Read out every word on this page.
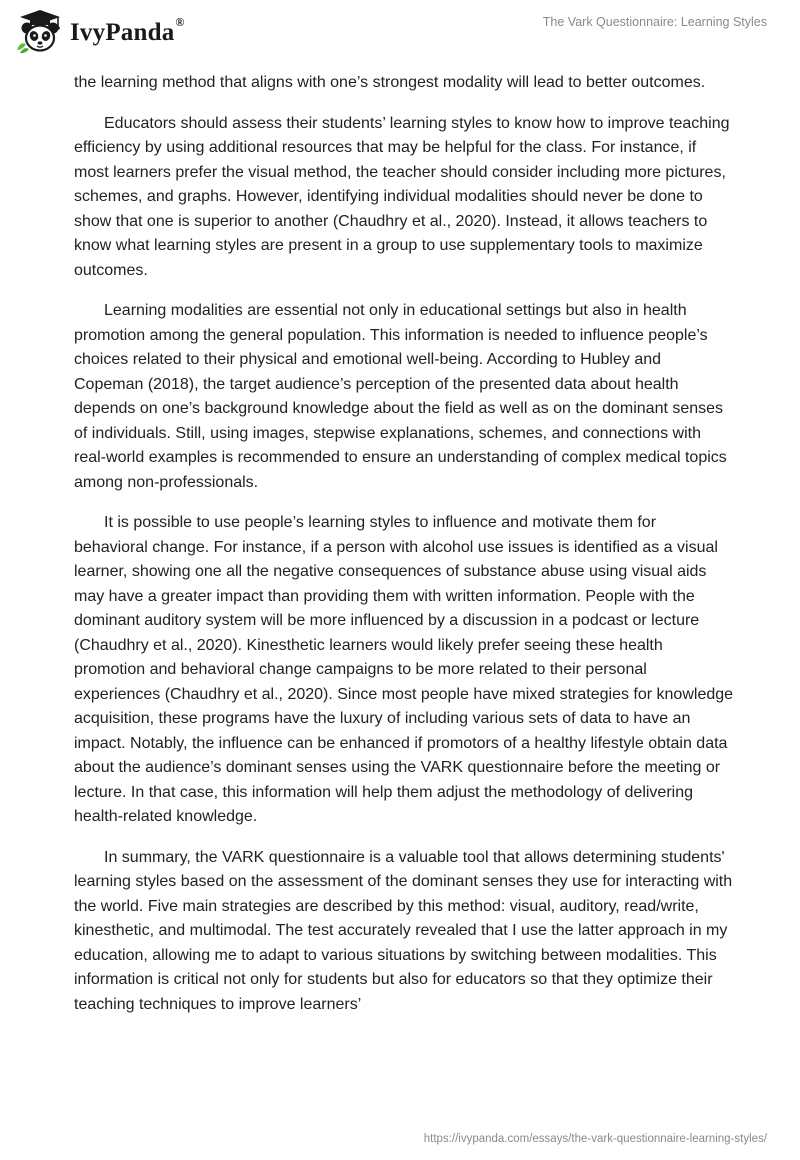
IvyPanda®	The Vark Questionnaire: Learning Styles

the learning method that aligns with one’s strongest modality will lead to better outcomes.

Educators should assess their students’ learning styles to know how to improve teaching efficiency by using additional resources that may be helpful for the class. For instance, if most learners prefer the visual method, the teacher should consider including more pictures, schemes, and graphs. However, identifying individual modalities should never be done to show that one is superior to another (Chaudhry et al., 2020). Instead, it allows teachers to know what learning styles are present in a group to use supplementary tools to maximize outcomes.

Learning modalities are essential not only in educational settings but also in health promotion among the general population. This information is needed to influence people’s choices related to their physical and emotional well-being. According to Hubley and Copeman (2018), the target audience’s perception of the presented data about health depends on one’s background knowledge about the field as well as on the dominant senses of individuals. Still, using images, stepwise explanations, schemes, and connections with real-world examples is recommended to ensure an understanding of complex medical topics among non-professionals.

It is possible to use people’s learning styles to influence and motivate them for behavioral change. For instance, if a person with alcohol use issues is identified as a visual learner, showing one all the negative consequences of substance abuse using visual aids may have a greater impact than providing them with written information. People with the dominant auditory system will be more influenced by a discussion in a podcast or lecture (Chaudhry et al., 2020). Kinesthetic learners would likely prefer seeing these health promotion and behavioral change campaigns to be more related to their personal experiences (Chaudhry et al., 2020). Since most people have mixed strategies for knowledge acquisition, these programs have the luxury of including various sets of data to have an impact. Notably, the influence can be enhanced if promotors of a healthy lifestyle obtain data about the audience’s dominant senses using the VARK questionnaire before the meeting or lecture. In that case, this information will help them adjust the methodology of delivering health-related knowledge.

In summary, the VARK questionnaire is a valuable tool that allows determining students' learning styles based on the assessment of the dominant senses they use for interacting with the world. Five main strategies are described by this method: visual, auditory, read/write, kinesthetic, and multimodal. The test accurately revealed that I use the latter approach in my education, allowing me to adapt to various situations by switching between modalities. This information is critical not only for students but also for educators so that they optimize their teaching techniques to improve learners’

https://ivypanda.com/essays/the-vark-questionnaire-learning-styles/
